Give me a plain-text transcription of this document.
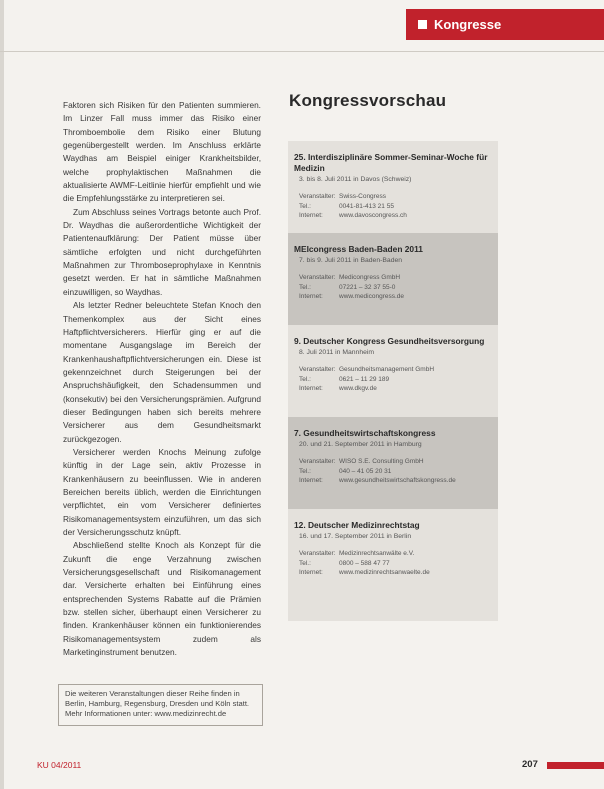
Kongresse

Faktoren sich Risiken für den Patienten summieren. Im Linzer Fall muss immer das Risiko einer Thromboembolie dem Risiko einer Blutung gegenübergestellt werden. Im Anschluss erklärte Waydhas am Beispiel einiger Krankheitsbilder, welche prophylaktischen Maßnahmen die aktualisierte AWMF-Leitlinie hierfür empfiehlt und wie die Empfehlungsstärke zu interpretieren sei.

Zum Abschluss seines Vortrags betonte auch Prof. Dr. Waydhas die außerordentliche Wichtigkeit der Patientenaufklärung: Der Patient müsse über sämtliche erfolgten und nicht durchgeführten Maßnahmen zur Thromboseprophylaxe in Kenntnis gesetzt werden. Er hat in sämtliche Maßnahmen einzuwilligen, so Waydhas.

Als letzter Redner beleuchtete Stefan Knoch den Themenkomplex aus der Sicht eines Haftpflichtversicherers. Hierfür ging er auf die momentane Ausgangslage im Bereich der Krankenhaushaftpflichtversicherungen ein. Diese ist gekennzeichnet durch Steigerungen bei der Anspruchshäufigkeit, den Schadensummen und (konsekutiv) bei den Versicherungsprämien. Aufgrund dieser Bedingungen haben sich bereits mehrere Versicherer aus dem Gesundheitsmarkt zurückgezogen.

Versicherer werden Knochs Meinung zufolge künftig in der Lage sein, aktiv Prozesse in Krankenhäusern zu beeinflussen. Wie in anderen Bereichen bereits üblich, werden die Einrichtungen verpflichtet, ein vom Versicherer definiertes Risikomanagementsystem einzuführen, um das sich der Versicherungsschutz knüpft.

Abschließend stellte Knoch als Konzept für die Zukunft die enge Verzahnung zwischen Versicherungsgesellschaft und Risikomanagement dar. Versicherte erhalten bei Einführung eines entsprechenden Systems Rabatte auf die Prämien bzw. stellen sicher, überhaupt einen Versicherer zu finden. Krankenhäuser können ein funktionierendes Risikomanagementsystem zudem als Marketinginstrument benutzen.

Die weiteren Veranstaltungen dieser Reihe finden in Berlin, Hamburg, Regensburg, Dresden und Köln statt. Mehr Informationen unter: www.medizinrecht.de
Kongressvorschau
25. Interdisziplinäre Sommer-Seminar-Woche für Medizin
3. bis 8. Juli 2011 in Davos (Schweiz)
Veranstalter: Swiss-Congress
Tel.:	0041-81-413 21 55
Internet:	www.davoscongress.ch
MEIcongress Baden-Baden 2011
7. bis 9. Juli 2011 in Baden-Baden
Veranstalter: Medicongress GmbH
Tel.:	07221 – 32 37 55-0
Internet:	www.medicongress.de
9. Deutscher Kongress Gesundheitsversorgung
8. Juli 2011 in Mannheim
Veranstalter: Gesundheitsmanagement GmbH
Tel.:	0621 – 11 29 189
Internet:	www.dkgv.de
7. Gesundheitswirtschaftskongress
20. und 21. September 2011 in Hamburg
Veranstalter: WISO S.E. Consulting GmbH
Tel.:	040 – 41 05 20 31
Internet:	www.gesundheitswirtschaftskongress.de
12. Deutscher Medizinrechtstag
16. und 17. September 2011 in Berlin
Veranstalter: Medizinrechtsanwälte e.V.
Tel.:	0800 – 588 47 77
Internet:	www.medizinrechtsanwaelte.de
KU 04/2011	207
